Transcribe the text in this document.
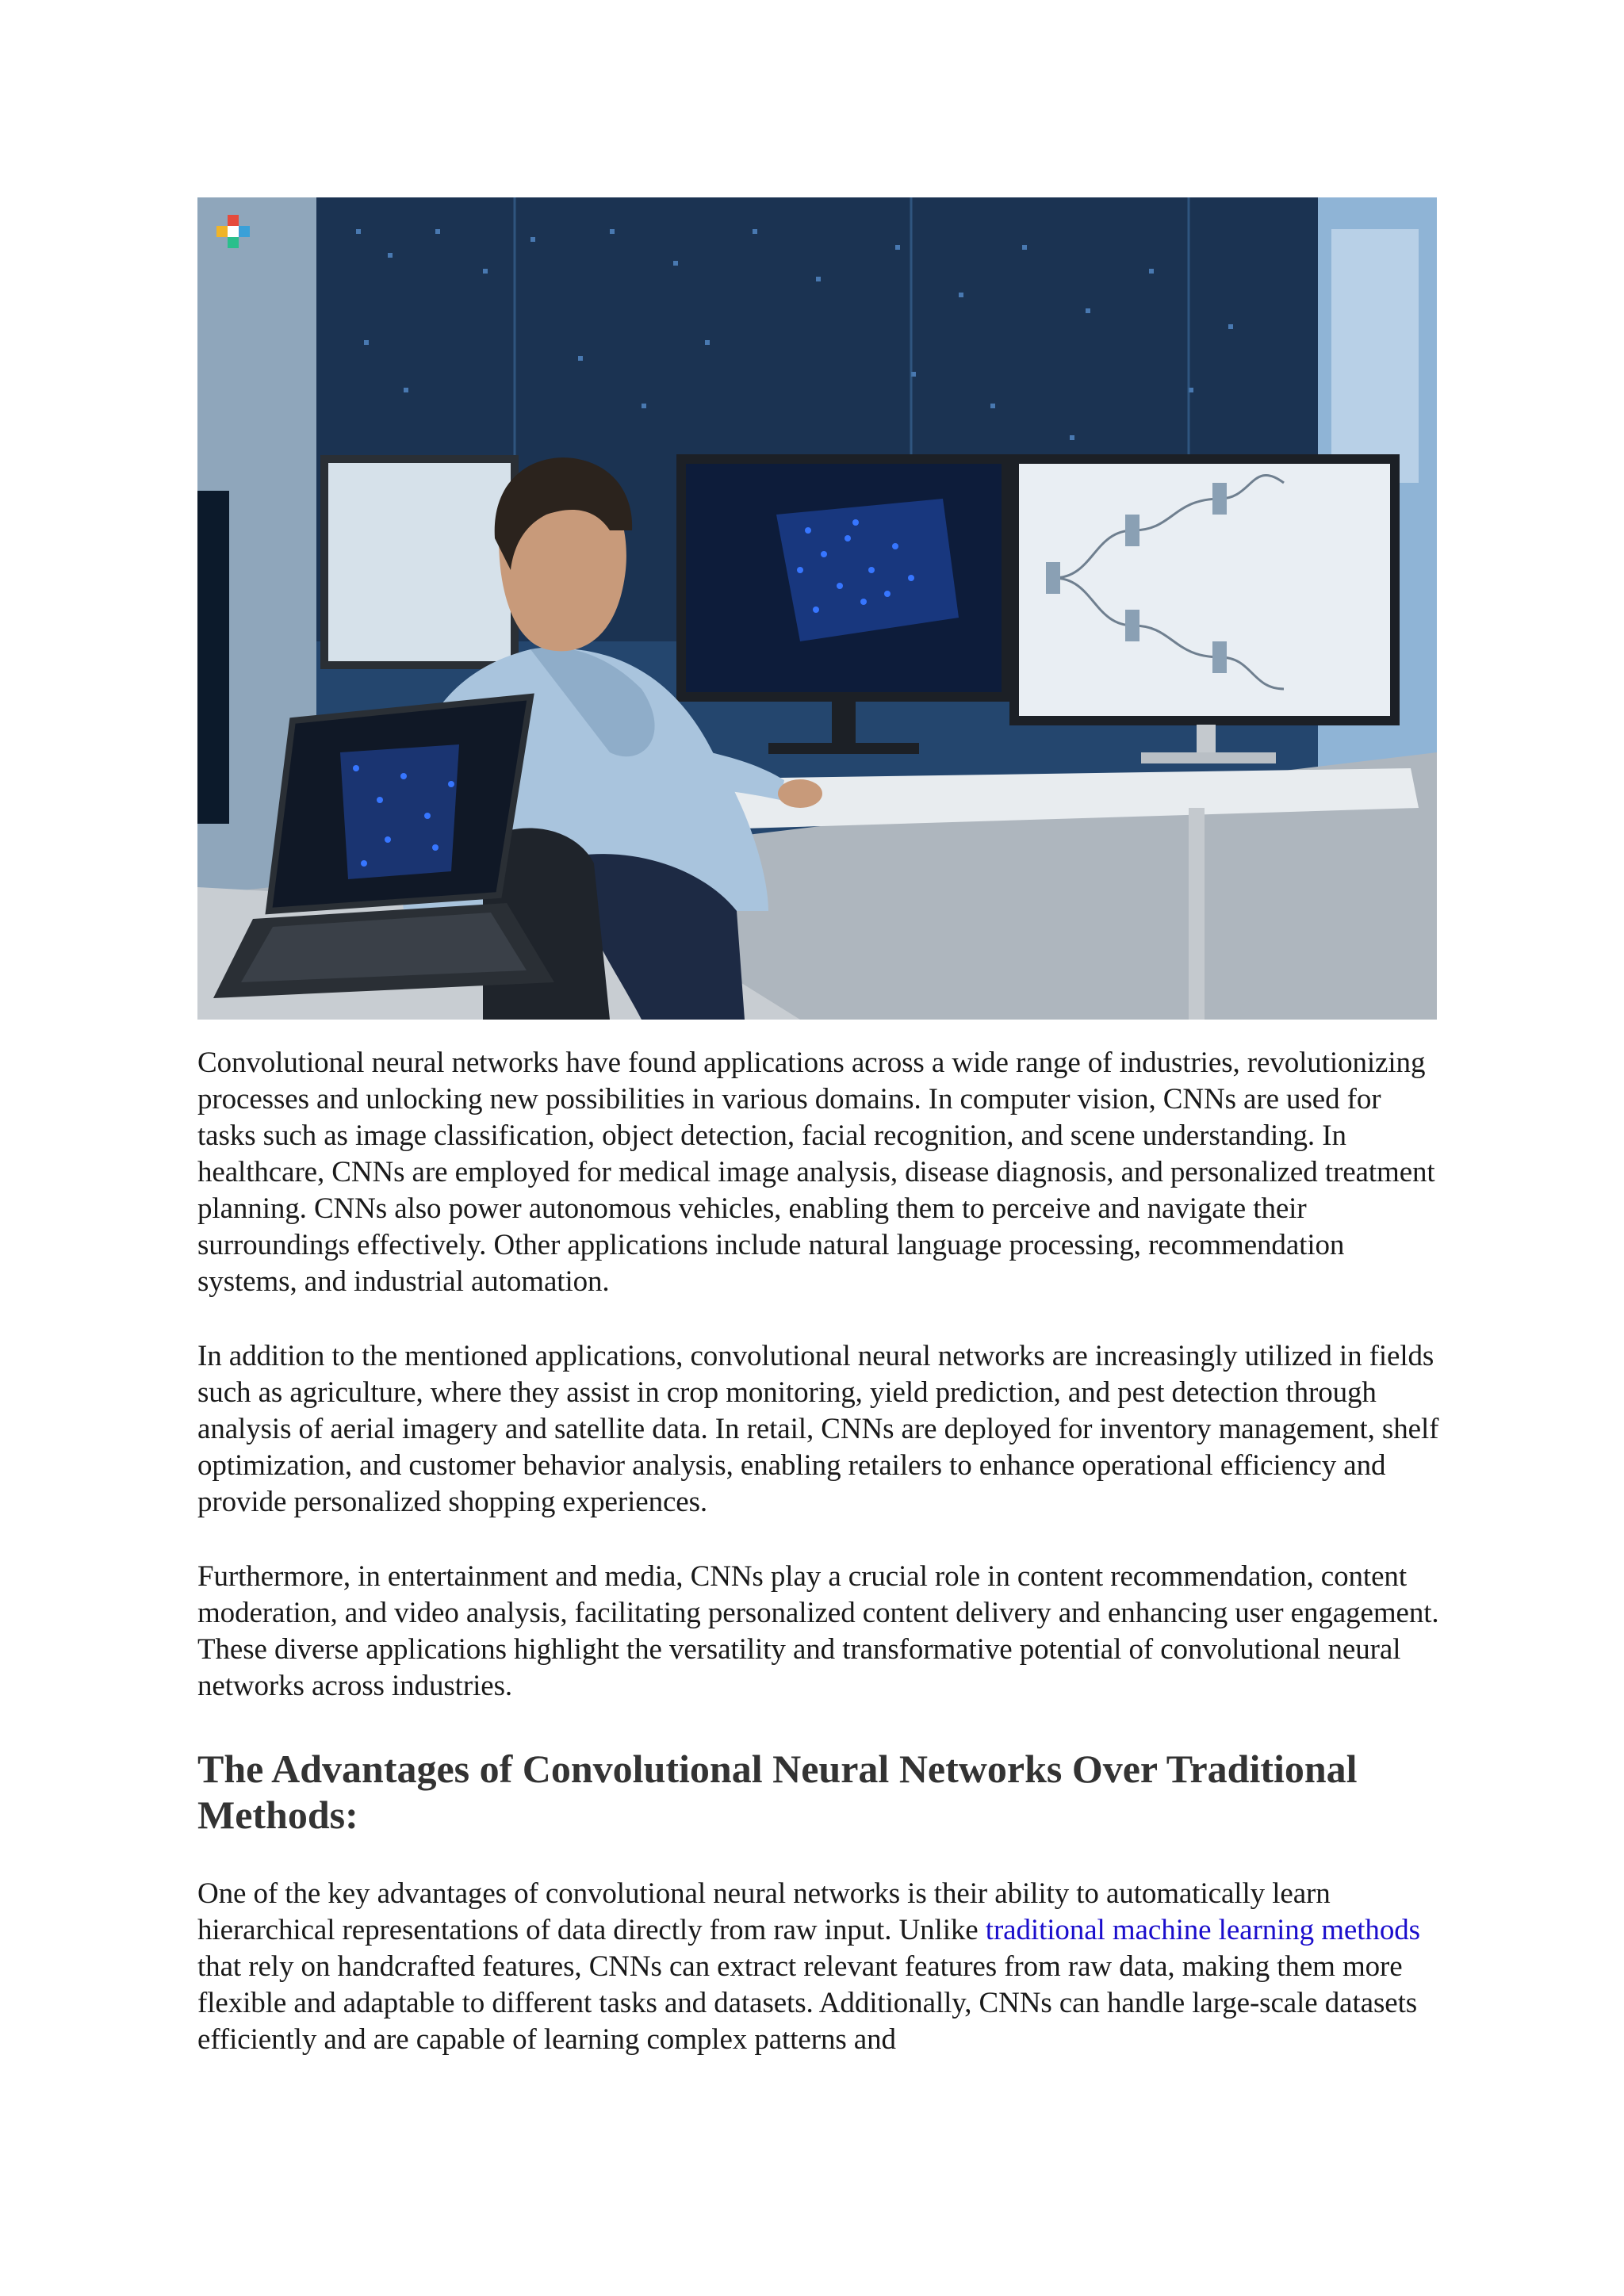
Convolutional neural networks have found applications across a wide range of industries, revolutionizing processes and unlocking new possibilities in various domains. In computer vision, CNNs are used for tasks such as image classification, object detection, facial recognition, and scene understanding. In healthcare, CNNs are employed for medical image analysis, disease diagnosis, and personalized treatment planning. CNNs also power autonomous vehicles, enabling them to perceive and navigate their surroundings effectively. Other applications include natural language processing, recommendation systems, and industrial automation.

In addition to the mentioned applications, convolutional neural networks are increasingly utilized in fields such as agriculture, where they assist in crop monitoring, yield prediction, and pest detection through analysis of aerial imagery and satellite data. In retail, CNNs are deployed for inventory management, shelf optimization, and customer behavior analysis, enabling retailers to enhance operational efficiency and provide personalized shopping experiences.

Furthermore, in entertainment and media, CNNs play a crucial role in content recommendation, content moderation, and video analysis, facilitating personalized content delivery and enhancing user engagement. These diverse applications highlight the versatility and transformative potential of convolutional neural networks across industries.

The Advantages of Convolutional Neural Networks Over Traditional Methods:

One of the key advantages of convolutional neural networks is their ability to automatically learn hierarchical representations of data directly from raw input. Unlike traditional machine learning methods that rely on handcrafted features, CNNs can extract relevant features from raw data, making them more flexible and adaptable to different tasks and datasets. Additionally, CNNs can handle large-scale datasets efficiently and are capable of learning complex patterns and
